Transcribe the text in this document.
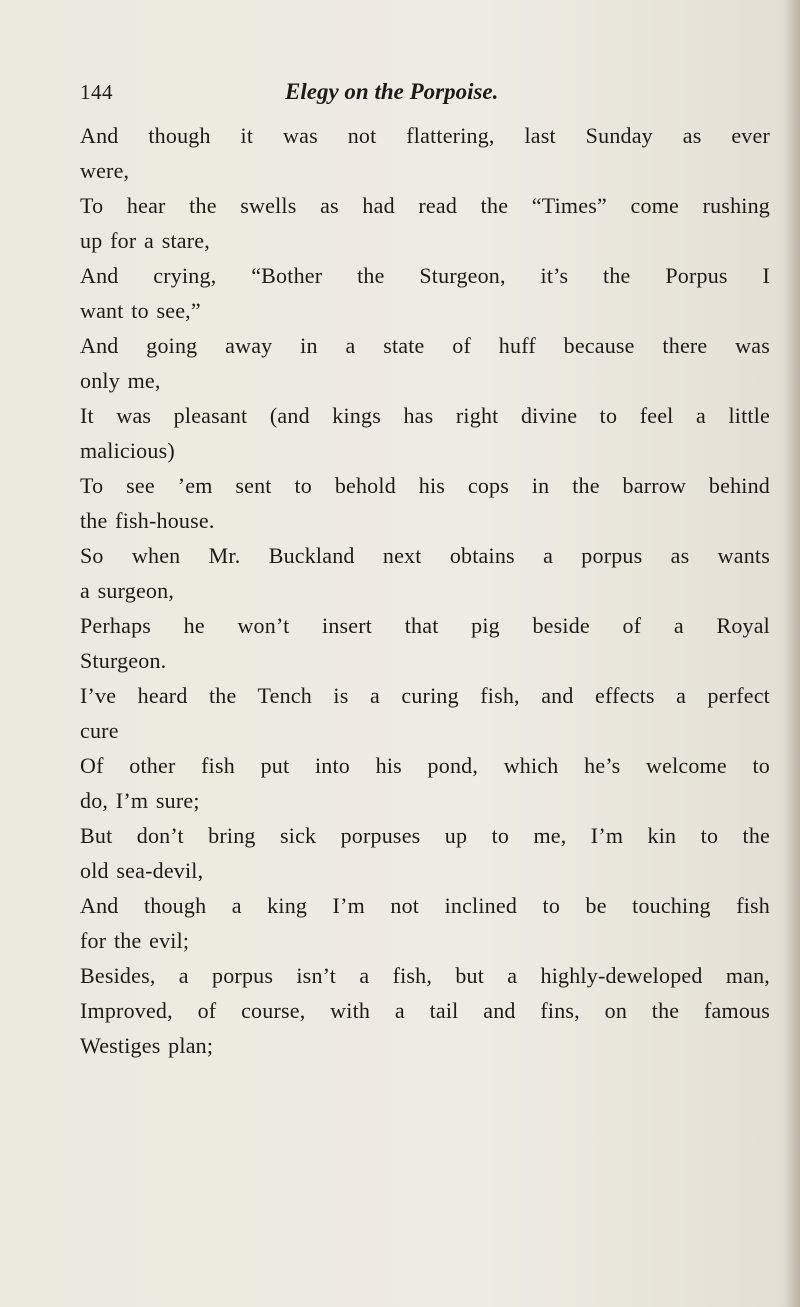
144	Elegy on the Porpoise.

And though it was not flattering, last Sunday as ever
were,

To hear the swells as had read the “Times” come rushing
up for a stare,

And crying, “Bother the Sturgeon, it’s the Porpus I
want to see,”

And going away in a state of huff because there was
only me,

It was pleasant (and kings has right divine to feel a little
malicious)

To see ’em sent to behold his cops in the barrow behind
the fish-house.

So when Mr. Buckland next obtains a porpus as wants
a surgeon,

Perhaps he won’t insert that pig beside of a Royal
Sturgeon.

I’ve heard the Tench is a curing fish, and effects a perfect
cure

Of other fish put into his pond, which he’s welcome to
do, I’m sure;

But don’t bring sick porpuses up to me, I’m kin to the
old sea-devil,

And though a king I’m not inclined to be touching fish
for the evil;

Besides, a porpus isn’t a fish, but a highly-deweloped man,

Improved, of course, with a tail and fins, on the famous
Westiges plan;
